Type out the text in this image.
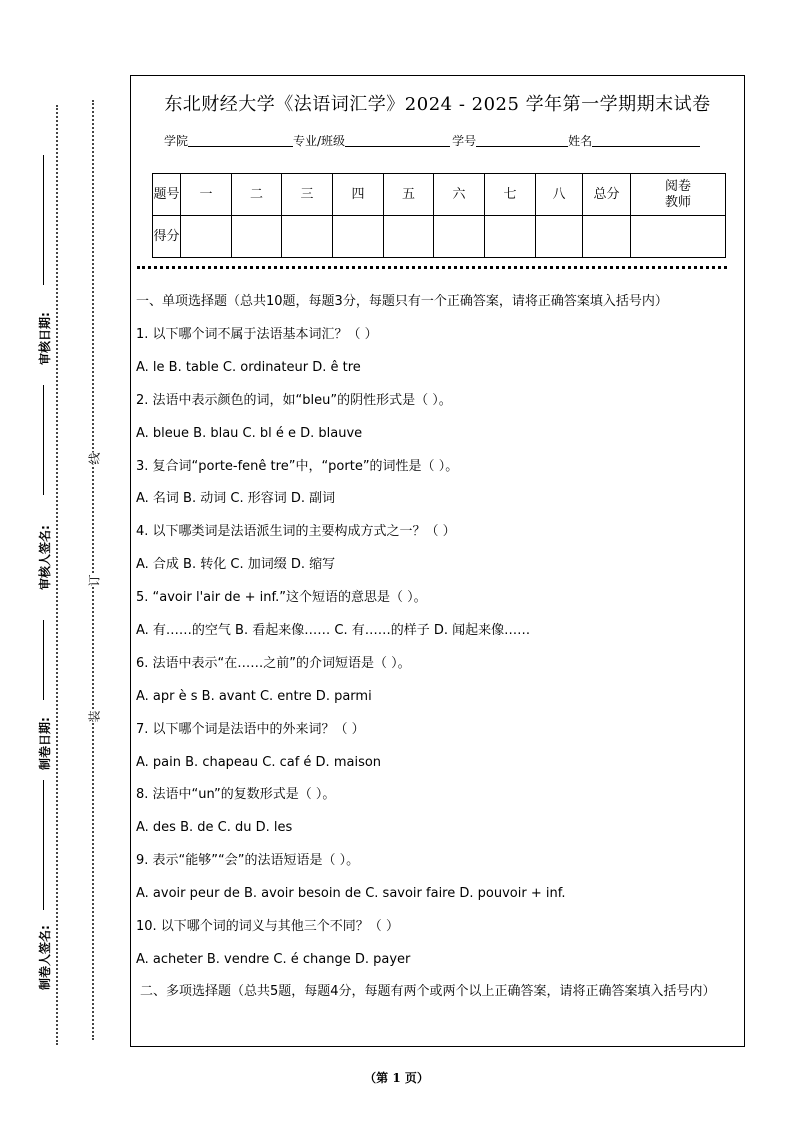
审核日期:
审核人签名:
制卷日期:
制卷人签名:
线
订
装
东北财经大学《法语词汇学》2024 - 2025 学年第一学期期末试卷
学院	专业/班级	学号	姓名
题号	一	二	三	四	五	六	七	八	总分	阅卷教师
得分										
一、单项选择题（总共10题，每题3分，每题只有一个正确答案，请将正确答案填入括号内）
1. 以下哪个词不属于法语基本词汇？（ ）
A. le B. table C. ordinateur D. ê tre
2. 法语中表示颜色的词，如“bleu”的阴性形式是（ ）。
A. bleue B. blau C. bl é e D. blauve
3. 复合词“porte-fenê tre”中，“porte”的词性是（ ）。
A. 名词 B. 动词 C. 形容词 D. 副词
4. 以下哪类词是法语派生词的主要构成方式之一？（ ）
A. 合成 B. 转化 C. 加词缀 D. 缩写
5. “avoir l'air de + inf.”这个短语的意思是（ ）。
A. 有……的空气 B. 看起来像…… C. 有……的样子 D. 闻起来像……
6. 法语中表示“在……之前”的介词短语是（ ）。
A. apr è s B. avant C. entre D. parmi
7. 以下哪个词是法语中的外来词？（ ）
A. pain B. chapeau C. caf é D. maison
8. 法语中“un”的复数形式是（ ）。
A. des B. de C. du D. les
9. 表示“能够”“会”的法语短语是（ ）。
A. avoir peur de B. avoir besoin de C. savoir faire D. pouvoir + inf.
10. 以下哪个词的词义与其他三个不同？（ ）
A. acheter B. vendre C. é change D. payer
二、多项选择题（总共5题，每题4分，每题有两个或两个以上正确答案，请将正确答案填入括号内）
（第 1 页）
